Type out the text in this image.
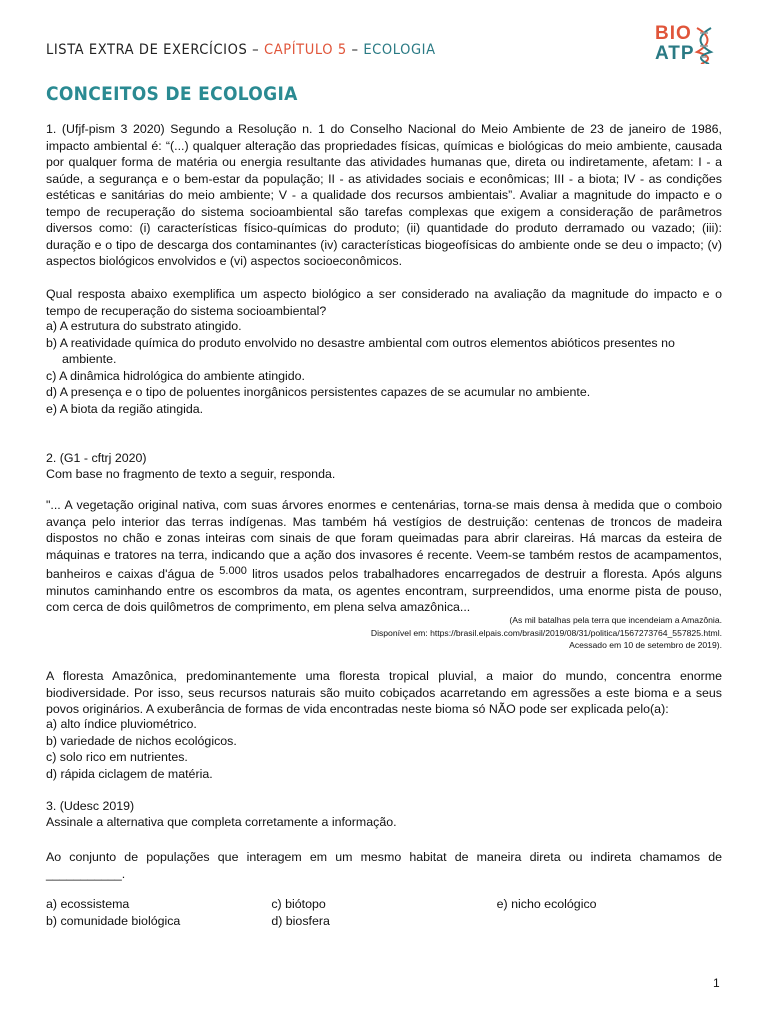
LISTA EXTRA DE EXERCÍCIOS – CAPÍTULO 5 – ECOLOGIA
BIO
ATP
CONCEITOS DE ECOLOGIA
1. (Ufjf-pism 3 2020) Segundo a Resolução n. 1 do Conselho Nacional do Meio Ambiente de 23 de janeiro de 1986, impacto ambiental é: “(...) qualquer alteração das propriedades físicas, químicas e biológicas do meio ambiente, causada por qualquer forma de matéria ou energia resultante das atividades humanas que, direta ou indiretamente, afetam: I - a saúde, a segurança e o bem-estar da população; II - as atividades sociais e econômicas; III - a biota; IV - as condições estéticas e sanitárias do meio ambiente; V - a qualidade dos recursos ambientais”. Avaliar a magnitude do impacto e o tempo de recuperação do sistema socioambiental são tarefas complexas que exigem a consideração de parâmetros diversos como: (i) características físico-químicas do produto; (ii) quantidade do produto derramado ou vazado; (iii): duração e o tipo de descarga dos contaminantes (iv) características biogeofísicas do ambiente onde se deu o impacto; (v) aspectos biológicos envolvidos e (vi) aspectos socioeconômicos.
Qual resposta abaixo exemplifica um aspecto biológico a ser considerado na avaliação da magnitude do impacto e o tempo de recuperação do sistema socioambiental?
a) A estrutura do substrato atingido.
b) A reatividade química do produto envolvido no desastre ambiental com outros elementos abióticos presentes no ambiente.
c) A dinâmica hidrológica do ambiente atingido.
d) A presença e o tipo de poluentes inorgânicos persistentes capazes de se acumular no ambiente.
e) A biota da região atingida.
2. (G1 - cftrj 2020)
Com base no fragmento de texto a seguir, responda.
"... A vegetação original nativa, com suas árvores enormes e centenárias, torna-se mais densa à medida que o comboio avança pelo interior das terras indígenas. Mas também há vestígios de destruição: centenas de troncos de madeira dispostos no chão e zonas inteiras com sinais de que foram queimadas para abrir clareiras. Há marcas da esteira de máquinas e tratores na terra, indicando que a ação dos invasores é recente. Veem-se também restos de acampamentos, banheiros e caixas d'água de 5.000 litros usados pelos trabalhadores encarregados de destruir a floresta. Após alguns minutos caminhando entre os escombros da mata, os agentes encontram, surpreendidos, uma enorme pista de pouso, com cerca de dois quilômetros de comprimento, em plena selva amazônica...
(As mil batalhas pela terra que incendeiam a Amazônia.
Disponível em: https://brasil.elpais.com/brasil/2019/08/31/politica/1567273764_557825.html.
Acessado em 10 de setembro de 2019).
A floresta Amazônica, predominantemente uma floresta tropical pluvial, a maior do mundo, concentra enorme biodiversidade. Por isso, seus recursos naturais são muito cobiçados acarretando em agressões a este bioma e a seus povos originários. A exuberância de formas de vida encontradas neste bioma só NÃO pode ser explicada pelo(a):
a) alto índice pluviométrico.
b) variedade de nichos ecológicos.
c) solo rico em nutrientes.
d) rápida ciclagem de matéria.
3. (Udesc 2019)
Assinale a alternativa que completa corretamente a informação.
Ao conjunto de populações que interagem em um mesmo habitat de maneira direta ou indireta chamamos de ___________.
a) ecossistema
b) comunidade biológica
c) biótopo
d) biosfera
e) nicho ecológico
1
